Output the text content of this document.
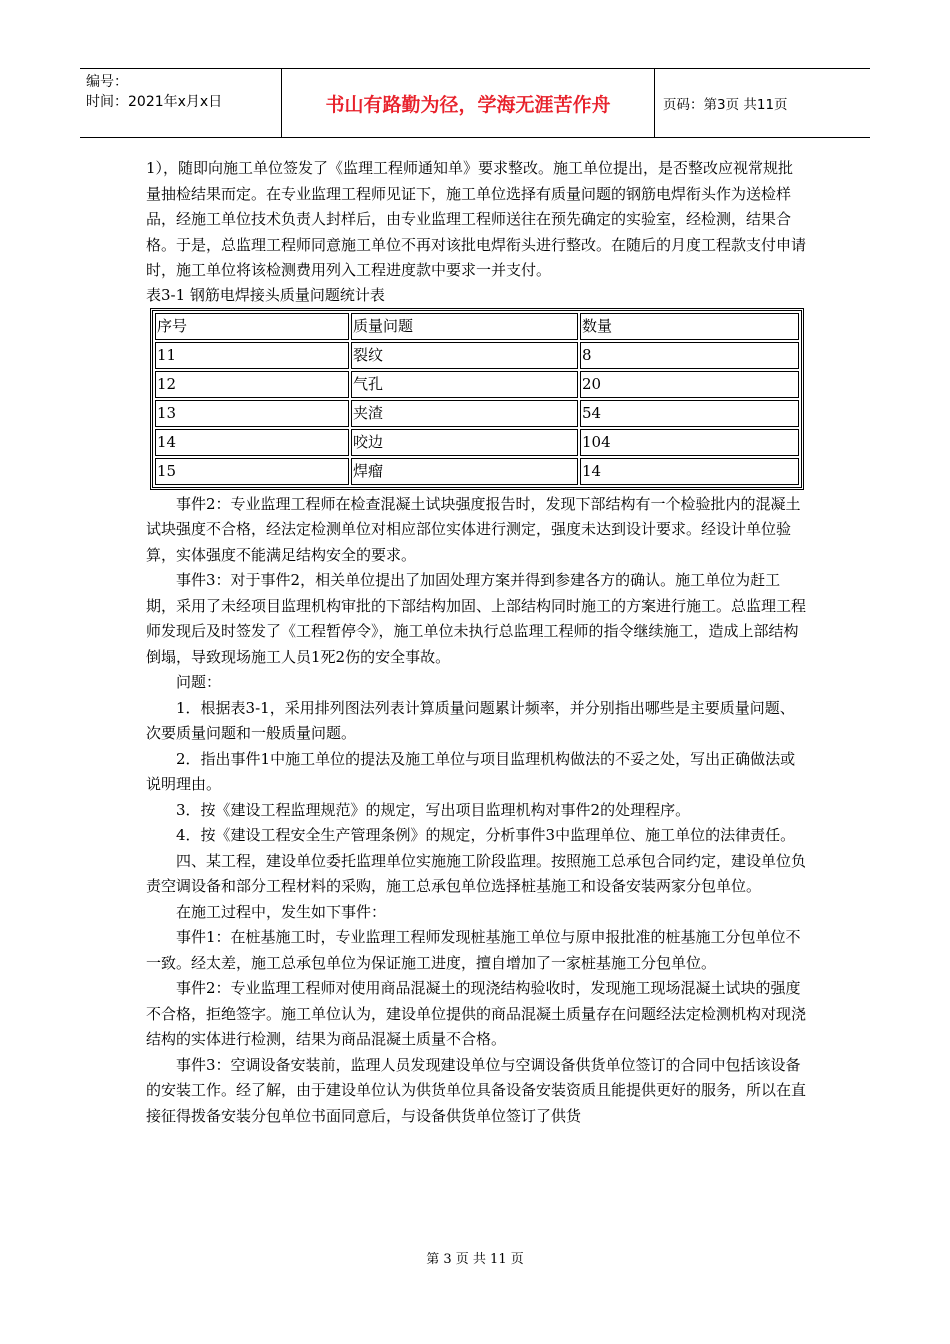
编号：
时间：2021年x月x日	书山有路勤为径，学海无涯苦作舟	页码：第3页 共11页

1），随即向施工单位签发了《监理工程师通知单》要求整改。施工单位提出，是否整改应视常规批量抽检结果而定。在专业监理工程师见证下，施工单位选择有质量问题的钢筋电焊衔头作为送检样品，经施工单位技术负责人封样后，由专业监理工程师送往在预先确定的实验室，经检测，结果合格。于是，总监理工程师同意施工单位不再对该批电焊衔头进行整改。在随后的月度工程款支付申请时，施工单位将该检测费用列入工程进度款中要求一并支付。

表3-1 钢筋电焊接头质量问题统计表

序号	质量问题	数量
11	裂纹	8
12	气孔	20
13	夹渣	54
14	咬边	104
15	焊瘤	14

事件2：专业监理工程师在检查混凝土试块强度报告时，发现下部结构有一个检验批内的混凝土试块强度不合格，经法定检测单位对相应部位实体进行测定，强度未达到设计要求。经设计单位验算，实体强度不能满足结构安全的要求。

事件3：对于事件2，相关单位提出了加固处理方案并得到参建各方的确认。施工单位为赶工期，采用了未经项目监理机构审批的下部结构加固、上部结构同时施工的方案进行施工。总监理工程师发现后及时签发了《工程暂停令》，施工单位未执行总监理工程师的指令继续施工，造成上部结构倒塌，导致现场施工人员1死2伤的安全事故。

问题：

1．根据表3-1，采用排列图法列表计算质量问题累计频率，并分别指出哪些是主要质量问题、次要质量问题和一般质量问题。

2．指出事件1中施工单位的提法及施工单位与项目监理机构做法的不妥之处，写出正确做法或说明理由。

3．按《建设工程监理规范》的规定，写出项目监理机构对事件2的处理程序。

4．按《建设工程安全生产管理条例》的规定，分析事件3中监理单位、施工单位的法律责任。

四、某工程，建设单位委托监理单位实施施工阶段监理。按照施工总承包合同约定，建设单位负责空调设备和部分工程材料的采购，施工总承包单位选择桩基施工和设备安装两家分包单位。

在施工过程中，发生如下事件：

事件1：在桩基施工时，专业监理工程师发现桩基施工单位与原申报批准的桩基施工分包单位不一致。经太差，施工总承包单位为保证施工进度，擅自增加了一家桩基施工分包单位。

事件2：专业监理工程师对使用商品混凝土的现浇结构验收时，发现施工现场混凝土试块的强度不合格，拒绝签字。施工单位认为，建设单位提供的商品混凝土质量存在问题经法定检测机构对现浇结构的实体进行检测，结果为商品混凝土质量不合格。

事件3：空调设备安装前，监理人员发现建设单位与空调设备供货单位签订的合同中包括该设备的安装工作。经了解，由于建设单位认为供货单位具备设备安装资质且能提供更好的服务，所以在直接征得拨备安装分包单位书面同意后，与设备供货单位签订了供货

第 3 页 共 11 页
